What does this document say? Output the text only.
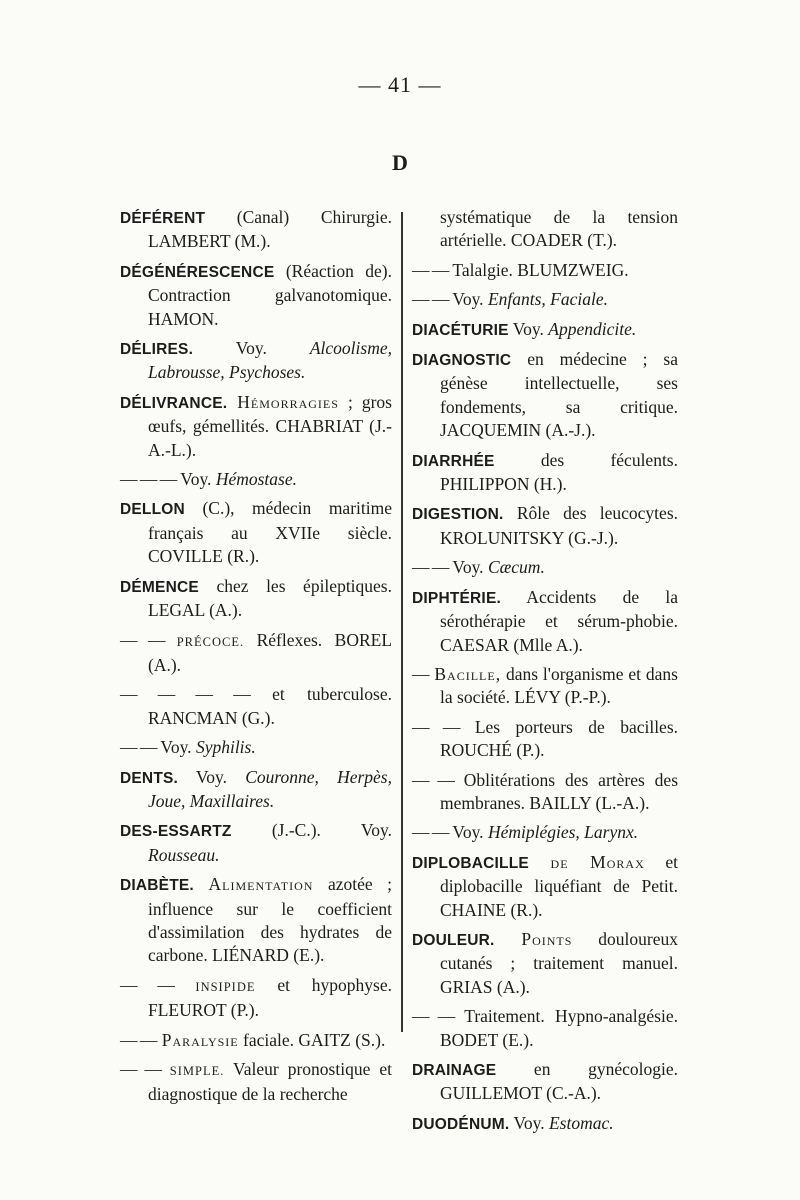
— 41 —
D
DÉFÉRENT (Canal) Chirurgie. LAMBERT (M.).
DÉGÉNÉRESCENCE (Réaction de). Contraction galvanotomique. HAMON.
DÉLIRES. Voy. Alcoolisme, Labrousse, Psychoses.
DÉLIVRANCE. Hémorragies ; gros œufs, gémellités. CHABRIAT (J.-A.-L.).
— — — Voy. Hémostase.
DELLON (C.), médecin maritime français au XVIIe siècle. COVILLE (R.).
DÉMENCE chez les épileptiques. LEGAL (A.).
— — PRÉCOCE. Réflexes. BOREL (A.).
— — — — et tuberculose. RANCMAN (G.).
— — Voy. Syphilis.
DENTS. Voy. Couronne, Herpès, Joue, Maxillaires.
DES-ESSARTZ (J.-C.). Voy. Rousseau.
DIABÈTE. Alimentation azotée ; influence sur le coefficient d'assimilation des hydrates de carbone. LIÉNARD (E.).
— — INSIPIDE et hypophyse. FLEUROT (P.).
— — Paralysie faciale. GAITZ (S.).
— — SIMPLE. Valeur pronostique et diagnostique de la recherche
systématique de la tension artérielle. COADER (T.).
— — Talalgie. BLUMZWEIG.
— — Voy. Enfants, Faciale.
DIACÉTURIE Voy. Appendicite.
DIAGNOSTIC en médecine ; sa génèse intellectuelle, ses fondements, sa critique. JACQUEMIN (A.-J.).
DIARRHÉE des féculents. PHILIPPON (H.).
DIGESTION. Rôle des leucocytes. KROLUNITSKY (G.-J.).
— — Voy. Cæcum.
DIPHTÉRIE. Accidents de la sérothérapie et sérum-phobie. CAESAR (Mlle A.).
— Bacille, dans l'organisme et dans la société. LÉVY (P.-P.).
— — Les porteurs de bacilles. ROUCHÉ (P.).
— — Oblitérations des artères des membranes. BAILLY (L.-A.).
— — Voy. Hémiplégies, Larynx.
DIPLOBACILLE de Morax et diplobacille liquéfiant de Petit. CHAINE (R.).
DOULEUR. Points douloureux cutanés ; traitement manuel. GRIAS (A.).
— — Traitement. Hypno-analgésie. BODET (E.).
DRAINAGE en gynécologie. GUILLEMOT (C.-A.).
DUODÉNUM. Voy. Estomac.
